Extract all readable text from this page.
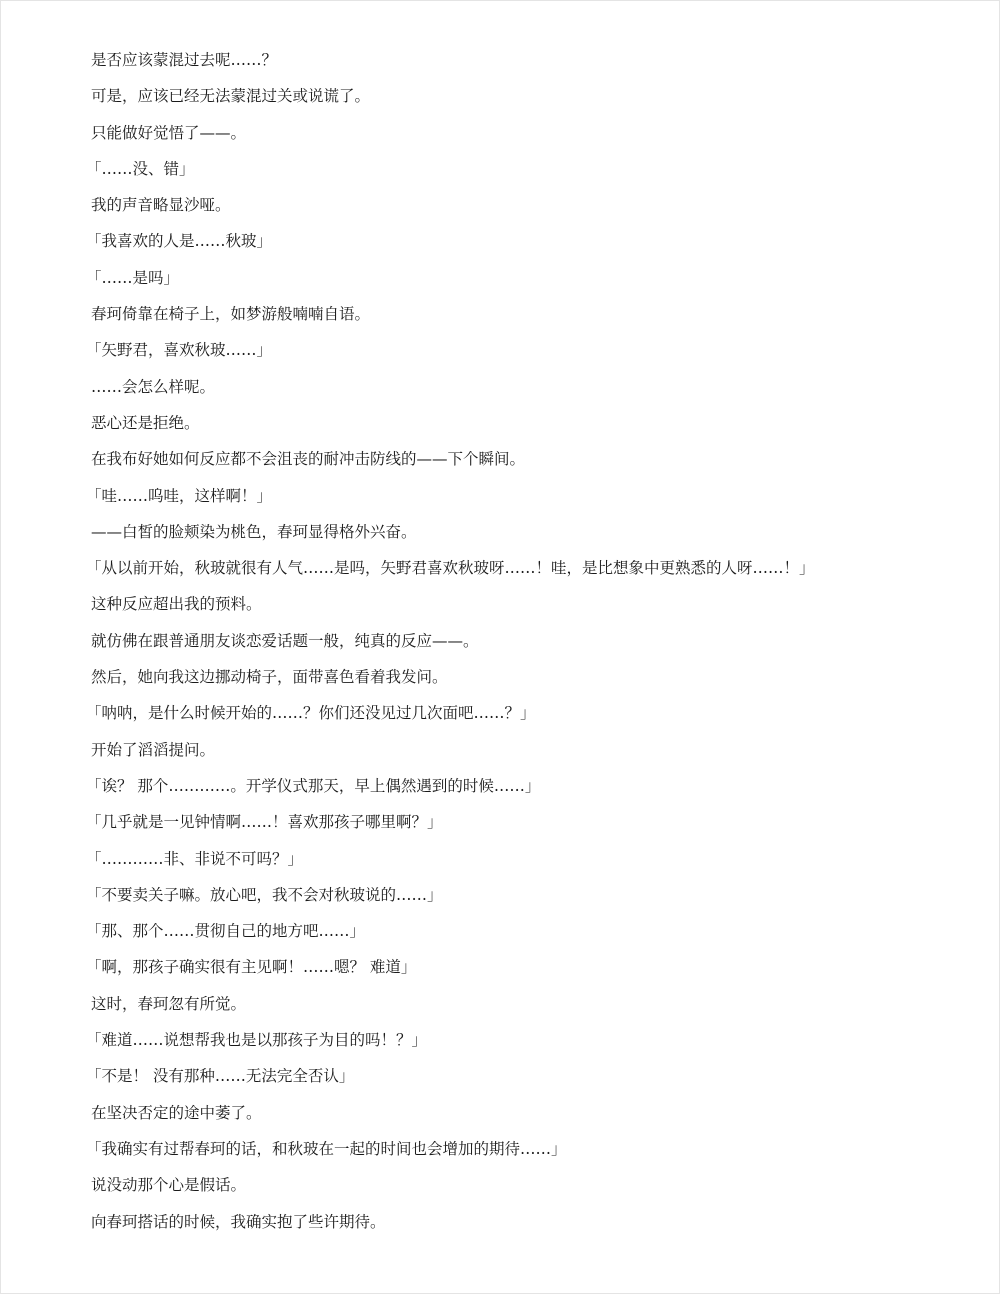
是否应该蒙混过去呢……？

可是，应该已经无法蒙混过关或说谎了。

只能做好觉悟了——。

「……没、错」

我的声音略显沙哑。

「我喜欢的人是……秋玻」

「……是吗」

春珂倚靠在椅子上，如梦游般喃喃自语。

「矢野君，喜欢秋玻……」

……会怎么样呢。

恶心还是拒绝。

在我布好她如何反应都不会沮丧的耐冲击防线的——下个瞬间。

「哇……呜哇，这样啊！」

——白皙的脸颊染为桃色，春珂显得格外兴奋。

「从以前开始，秋玻就很有人气……是吗，矢野君喜欢秋玻呀……！哇，是比想象中更熟悉的人呀……！」

这种反应超出我的预料。

就仿佛在跟普通朋友谈恋爱话题一般，纯真的反应——。

然后，她向我这边挪动椅子，面带喜色看着我发问。

「呐呐，是什么时候开始的……？你们还没见过几次面吧……？」

开始了滔滔提问。

「诶？ 那个…………。开学仪式那天，早上偶然遇到的时候……」

「几乎就是一见钟情啊……！喜欢那孩子哪里啊？」

「…………非、非说不可吗？」

「不要卖关子嘛。放心吧，我不会对秋玻说的……」

「那、那个……贯彻自己的地方吧……」

「啊，那孩子确实很有主见啊！……嗯？ 难道」

这时，春珂忽有所觉。

「难道……说想帮我也是以那孩子为目的吗！？」

「不是！ 没有那种……无法完全否认」

在坚决否定的途中萎了。

「我确实有过帮春珂的话，和秋玻在一起的时间也会增加的期待……」

说没动那个心是假话。

向春珂搭话的时候，我确实抱了些许期待。
